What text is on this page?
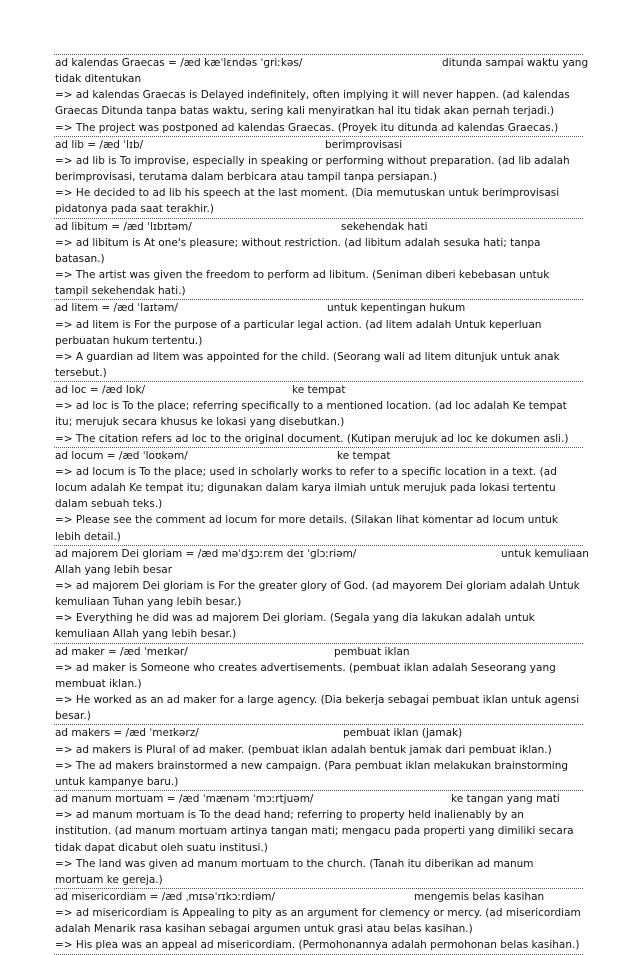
ad kalendas Graecas = /æd kæˈlɛndəs ˈɡriːkəs/	ditunda sampai waktu yang

tidak ditentukan

=> ad kalendas Graecas is Delayed indefinitely, often implying it will never happen. (ad kalendas Graecas Ditunda tanpa batas waktu, sering kali menyiratkan hal itu tidak akan pernah terjadi.)

=> The project was postponed ad kalendas Graecas. (Proyek itu ditunda ad kalendas Graecas.)

ad lib = /æd ˈlɪb/	berimprovisasi

=> ad lib is To improvise, especially in speaking or performing without preparation. (ad lib adalah berimprovisasi, terutama dalam berbicara atau tampil tanpa persiapan.)

=> He decided to ad lib his speech at the last moment. (Dia memutuskan untuk berimprovisasi pidatonya pada saat terakhir.)

ad libitum = /æd ˈlɪbɪtəm/	sekehendak hati

=> ad libitum is At one's pleasure; without restriction. (ad libitum adalah sesuka hati; tanpa batasan.)

=> The artist was given the freedom to perform ad libitum. (Seniman diberi kebebasan untuk tampil sekehendak hati.)

ad litem = /æd ˈlaɪtəm/	untuk kepentingan hukum

=> ad litem is For the purpose of a particular legal action. (ad litem adalah Untuk keperluan perbuatan hukum tertentu.)

=> A guardian ad litem was appointed for the child. (Seorang wali ad litem ditunjuk untuk anak tersebut.)

ad loc = /æd lɒk/	ke tempat

=> ad loc is To the place; referring specifically to a mentioned location. (ad loc adalah Ke tempat itu; merujuk secara khusus ke lokasi yang disebutkan.)

=> The citation refers ad loc to the original document. (Kutipan merujuk ad loc ke dokumen asli.)

ad locum = /æd ˈloʊkəm/	ke tempat

=> ad locum is To the place; used in scholarly works to refer to a specific location in a text. (ad locum adalah Ke tempat itu; digunakan dalam karya ilmiah untuk merujuk pada lokasi tertentu dalam sebuah teks.)

=> Please see the comment ad locum for more details. (Silakan lihat komentar ad locum untuk lebih detail.)

ad majorem Dei gloriam = /æd məˈdʒɔːrɛm deɪ ˈɡlɔːriəm/	untuk kemuliaan

Allah yang lebih besar

=> ad majorem Dei gloriam is For the greater glory of God. (ad mayorem Dei gloriam adalah Untuk kemuliaan Tuhan yang lebih besar.)

=> Everything he did was ad majorem Dei gloriam. (Segala yang dia lakukan adalah untuk kemuliaan Allah yang lebih besar.)

ad maker = /æd ˈmeɪkər/	pembuat iklan

=> ad maker is Someone who creates advertisements. (pembuat iklan adalah Seseorang yang membuat iklan.)

=> He worked as an ad maker for a large agency. (Dia bekerja sebagai pembuat iklan untuk agensi besar.)

ad makers = /æd ˈmeɪkərz/	pembuat iklan (jamak)

=> ad makers is Plural of ad maker. (pembuat iklan adalah bentuk jamak dari pembuat iklan.)

=> The ad makers brainstormed a new campaign. (Para pembuat iklan melakukan brainstorming untuk kampanye baru.)

ad manum mortuam = /æd ˈmænəm ˈmɔːrtjuəm/	ke tangan yang mati

=> ad manum mortuam is To the dead hand; referring to property held inalienably by an institution. (ad manum mortuam artinya tangan mati; mengacu pada properti yang dimiliki secara tidak dapat dicabut oleh suatu institusi.)

=> The land was given ad manum mortuam to the church. (Tanah itu diberikan ad manum mortuam ke gereja.)

ad misericordiam = /æd ˌmɪsəˈrɪkɔːrdiəm/	mengemis belas kasihan

=> ad misericordiam is Appealing to pity as an argument for clemency or mercy. (ad misericordiam adalah Menarik rasa kasihan sebagai argumen untuk grasi atau belas kasihan.)

=> His plea was an appeal ad misericordiam. (Permohonannya adalah permohonan belas kasihan.)
